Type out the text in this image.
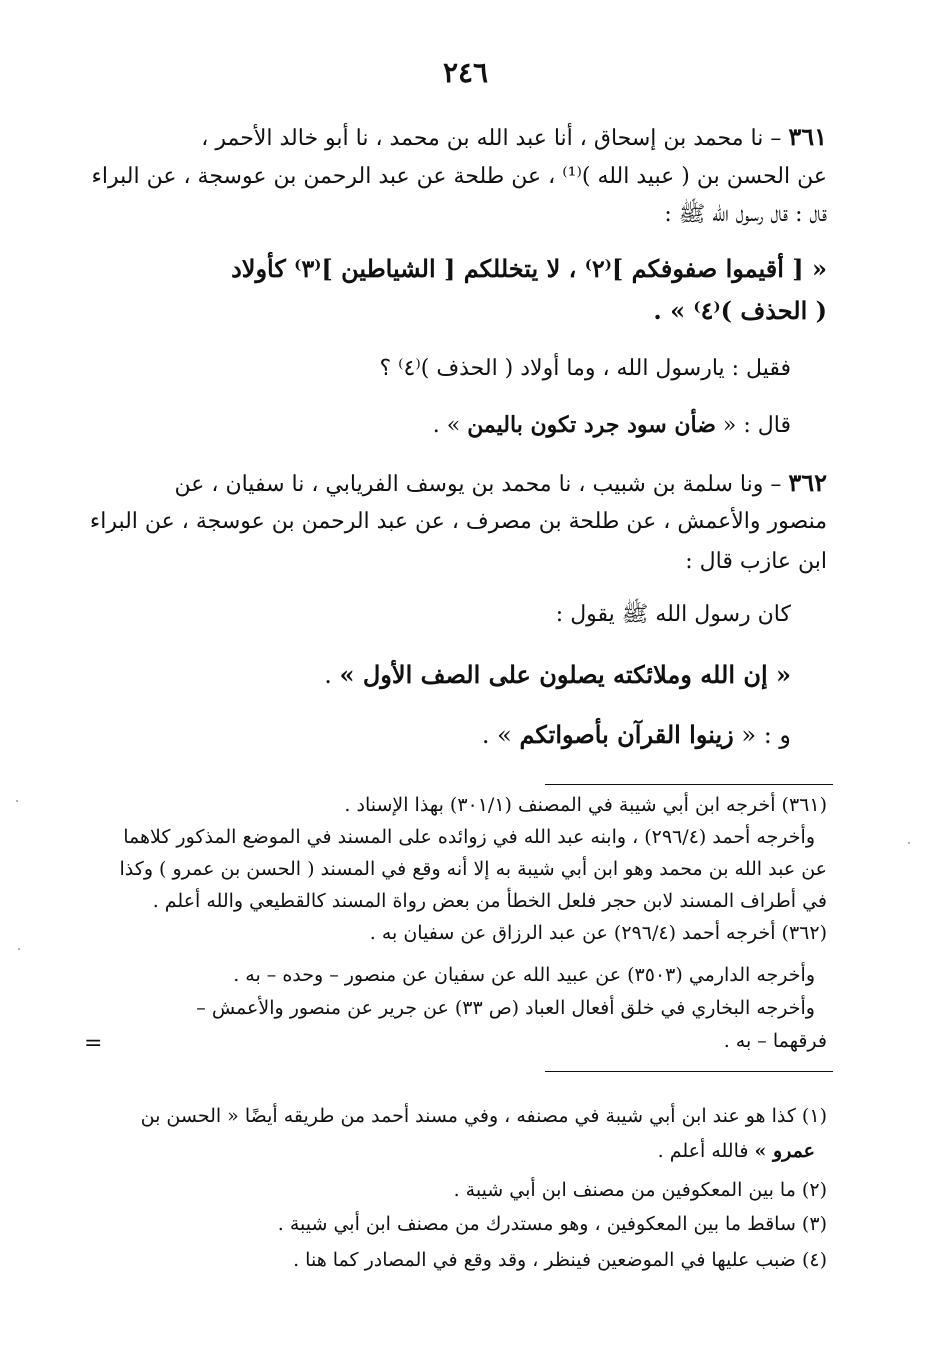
٢٤٦
٣٦١ – نا محمد بن إسحاق ، أنا عبد الله بن محمد ، نا أبو خالد الأحمر ،
عن الحسن بن ( عبيد الله )⁽¹⁾ ، عن طلحة عن عبد الرحمن بن عوسجة ، عن البراء
قال : قال رسول الله ﷺ :
« [ أقيموا صفوفكم ]⁽٢⁾ ، لا يتخللكم [ الشياطين ]⁽٣⁾ كأولاد
( الحذف )⁽٤⁾ » .
فقيل : يارسول الله ، وما أولاد ( الحذف )⁽٤⁾ ؟
قال : « ضأن سود جرد تكون باليمن » .
٣٦٢ – ونا سلمة بن شبيب ، نا محمد بن يوسف الفريابي ، نا سفيان ، عن
منصور والأعمش ، عن طلحة بن مصرف ، عن عبد الرحمن بن عوسجة ، عن البراء
ابن عازب قال :
كان رسول الله ﷺ يقول :
« إن الله وملائكته يصلون على الصف الأول » .
و : « زينوا القرآن بأصواتكم » .
(٣٦١) أخرجه ابن أبي شيبة في المصنف (٣٠١/١) بهذا الإسناد .
وأخرجه أحمد (٢٩٦/٤) ، وابنه عبد الله في زوائده على المسند في الموضع المذكور كلاهما
عن عبد الله بن محمد وهو ابن أبي شيبة به إلا أنه وقع في المسند ( الحسن بن عمرو ) وكذا
في أطراف المسند لابن حجر فلعل الخطأ من بعض رواة المسند كالقطيعي والله أعلم .
(٣٦٢) أخرجه أحمد (٢٩٦/٤) عن عبد الرزاق عن سفيان به .
وأخرجه الدارمي (٣٥٠٣) عن عبيد الله عن سفيان عن منصور – وحده – به .
وأخرجه البخاري في خلق أفعال العباد (ص ٣٣) عن جرير عن منصور والأعمش –
فرقهما – به .
=
(١) كذا هو عند ابن أبي شيبة في مصنفه ، وفي مسند أحمد من طريقه أيضًا « الحسن بن
عمرو » فالله أعلم .
(٢) ما بين المعكوفين من مصنف ابن أبي شيبة .
(٣) ساقط ما بين المعكوفين ، وهو مستدرك من مصنف ابن أبي شيبة .
(٤) ضبب عليها في الموضعين فينظر ، وقد وقع في المصادر كما هنا .
